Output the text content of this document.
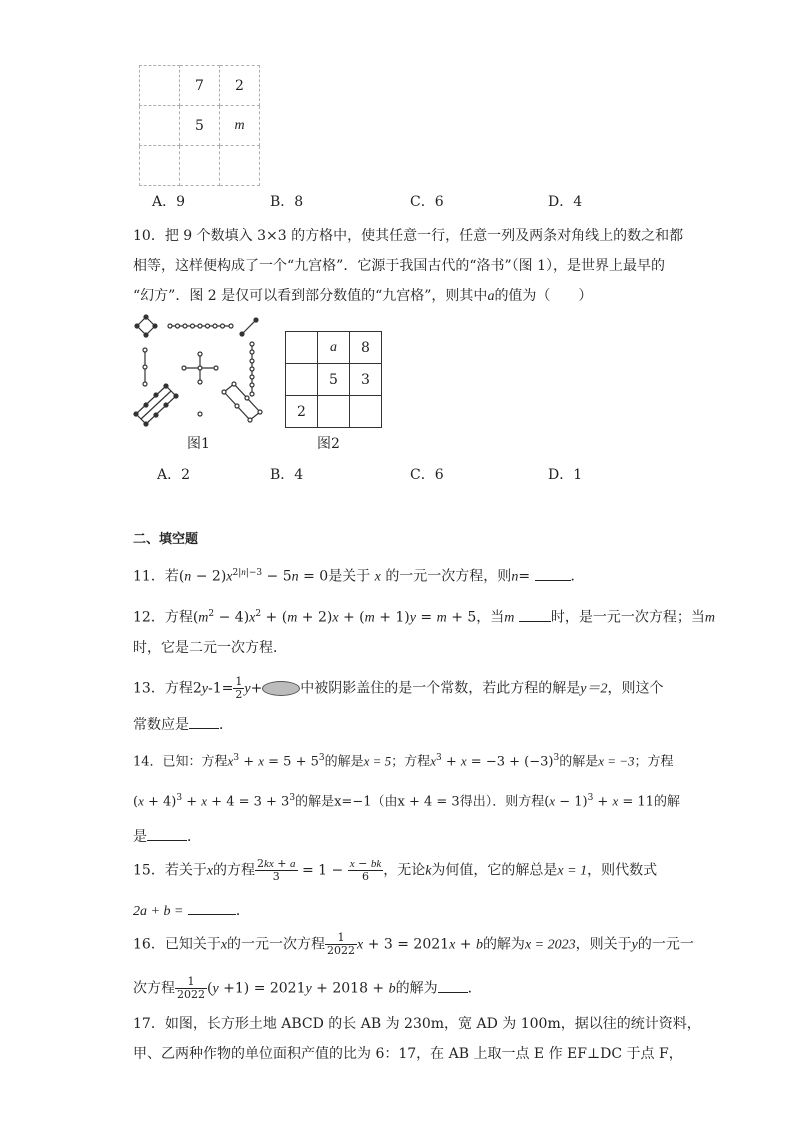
	7	2
	5	m

A．9	B．8	C．6	D．4
10．把 9 个数填入 3×3 的方格中，使其任意一行，任意一列及两条对角线上的数之和都
相等，这样便构成了一个“九宫格”．它源于我国古代的“洛书”（图 1），是世界上最早的
“幻方”．图 2 是仅可以看到部分数值的“九宫格”，则其中a的值为（　　）
	a	8
	5	3
2		
图1	图2
A．2	B．4	C．6	D．1
二、填空题
11．若$(n - 2)x^{2|n|-3} - 5n = 0$是关于 x 的一元一次方程，则n=	．
12．方程$(m^2 - 4)x^2 + (m + 2)x + (m + 1)y = m + 5$，当m	时，是一元一次方程；当m
时，它是二元一次方程．
13．方程$2y-1= \frac{1}{2} y+$	中被阴影盖住的是一个常数，若此方程的解是y＝2，则这个
常数应是 ．
14．已知：方程$x^3 + x = 5 + 5^3$的解是x = 5；方程$x^3 + x = -3 + (-3)^3$的解是x = −3；方程
$(x + 4)^3 + x + 4 = 3 + 3^3$的解是x=−1（由x + 4 = 3得出）．则方程$(x - 1)^3 + x = 11$的解
是	．
15．若关于x的方程 $\frac{2kx + a}{3} = 1 - \frac{x - bk}{6}$ ，无论k为何值，它的解总是x = 1，则代数式
2a + b =	．
16．已知关于x的一元一次方程 $\frac{1}{2022}$ x + 3 = 2021x + b的解为x = 2023，则关于y的一元一
次方程 $\frac{1}{2022} (y +1) = 2021y + 2018 + b$的解为 ．
17．如图，长方形土地 ABCD 的长 AB 为 230m，宽 AD 为 100m，据以往的统计资料，
甲、乙两种作物的单位面积产值的比为 6：17，在 AB 上取一点 E 作 EF⊥DC 于点 F，
